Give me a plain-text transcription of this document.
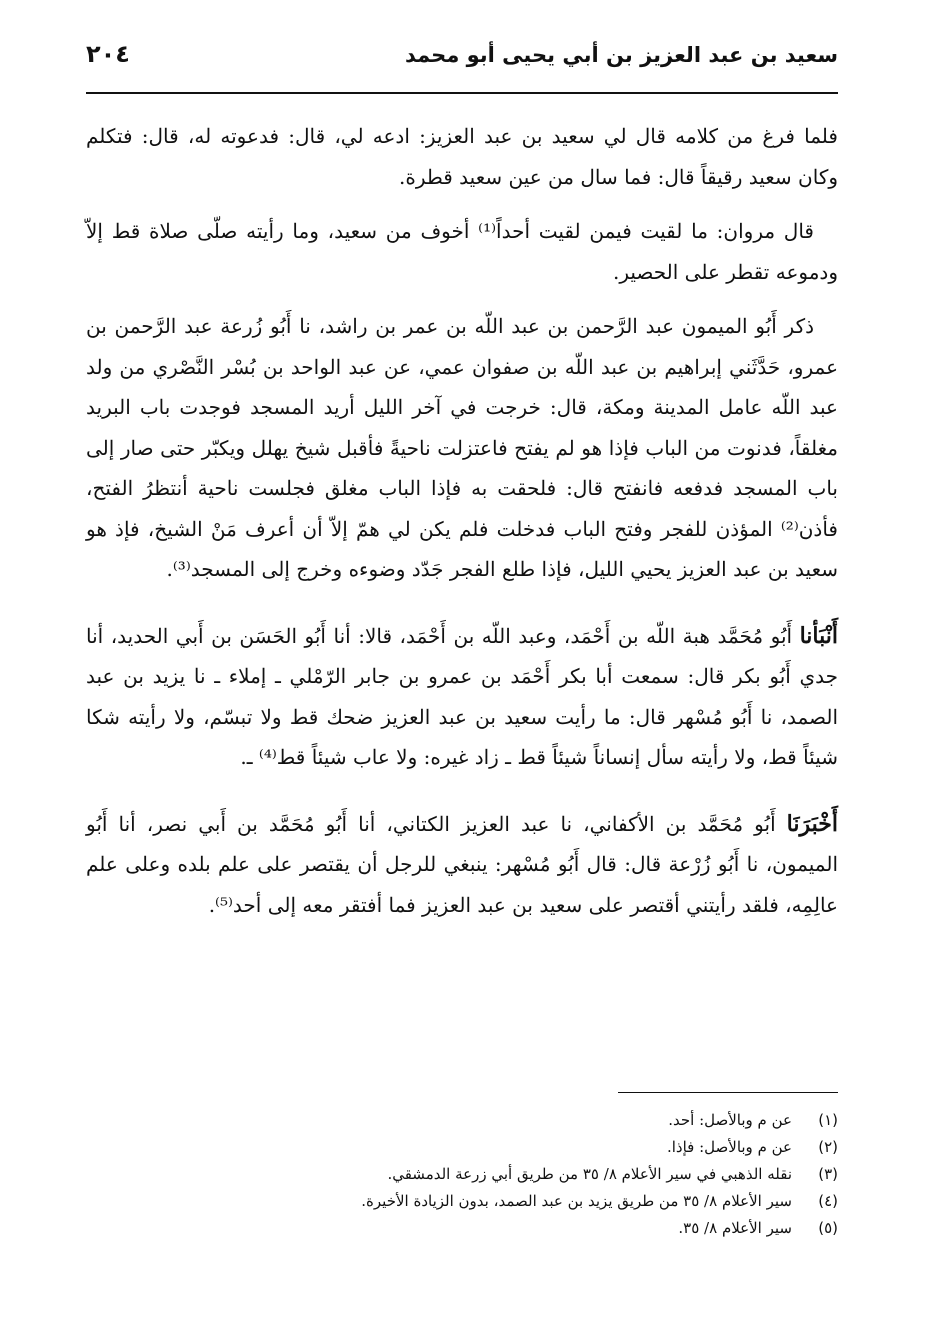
سعيد بن عبد العزيز بن أبي يحيى أبو محمد
٢٠٤

فلما فرغ من كلامه قال لي سعيد بن عبد العزيز: ادعه لي، قال: فدعوته له، قال: فتكلم وكان سعيد رقيقاً قال: فما سال من عين سعيد قطرة.

قال مروان: ما لقيت فيمن لقيت أحداً⁽¹⁾ أخوف من سعيد، وما رأيته صلّى صلاة قط إلاّ ودموعه تقطر على الحصير.

ذكر أَبُو الميمون عبد الرَّحمن بن عبد اللّه بن عمر بن راشد، نا أَبُو زُرعة عبد الرَّحمن بن عمرو، حَدَّثَني إبراهيم بن عبد اللّه بن صفوان عمي، عن عبد الواحد بن بُسْر النَّصْري من ولد عبد اللّه عامل المدينة ومكة، قال: خرجت في آخر الليل أريد المسجد فوجدت باب البريد مغلقاً، فدنوت من الباب فإذا هو لم يفتح فاعتزلت ناحيةً فأقبل شيخ يهلل ويكبّر حتى صار إلى باب المسجد فدفعه فانفتح قال: فلحقت به فإذا الباب مغلق فجلست ناحية أنتظرُ الفتح، فأذن⁽²⁾ المؤذن للفجر وفتح الباب فدخلت فلم يكن لي همّ إلاّ أن أعرف مَنْ الشيخ، فإذ هو سعيد بن عبد العزيز يحيي الليل، فإذا طلع الفجر جَدّد وضوءه وخرج إلى المسجد⁽³⁾.

أَنْبَأنا أَبُو مُحَمَّد هبة اللّه بن أَحْمَد، وعبد اللّه بن أَحْمَد، قالا: أنا أَبُو الحَسَن بن أَبي الحديد، أنا جدي أَبُو بكر قال: سمعت أبا بكر أَحْمَد بن عمرو بن جابر الرّمْلي ـ إملاء ـ نا يزيد بن عبد الصمد، نا أَبُو مُسْهر قال: ما رأيت سعيد بن عبد العزيز ضحك قط ولا تبسّم، ولا رأيته شكا شيئاً قط، ولا رأيته سأل إنساناً شيئاً قط ـ زاد غيره: ولا عاب شيئاً قط⁽⁴⁾ ـ.

أَخْبَرَنَا أَبُو مُحَمَّد بن الأكفاني، نا عبد العزيز الكتاني، أنا أَبُو مُحَمَّد بن أَبي نصر، أنا أَبُو الميمون، نا أَبُو زُرْعة قال: قال أَبُو مُسْهر: ينبغي للرجل أن يقتصر على علم بلده وعلى علم عالِمِه، فلقد رأيتني أقتصر على سعيد بن عبد العزيز فما أفتقر معه إلى أحد⁽⁵⁾.

(١)
عن م وبالأصل: أحد.
(٢)
عن م وبالأصل: فإذا.
(٣)
نقله الذهبي في سير الأعلام ٨/ ٣٥ من طريق أبي زرعة الدمشقي.
(٤)
سير الأعلام ٨/ ٣٥ من طريق يزيد بن عبد الصمد، بدون الزيادة الأخيرة.
(٥)
سير الأعلام ٨/ ٣٥.
